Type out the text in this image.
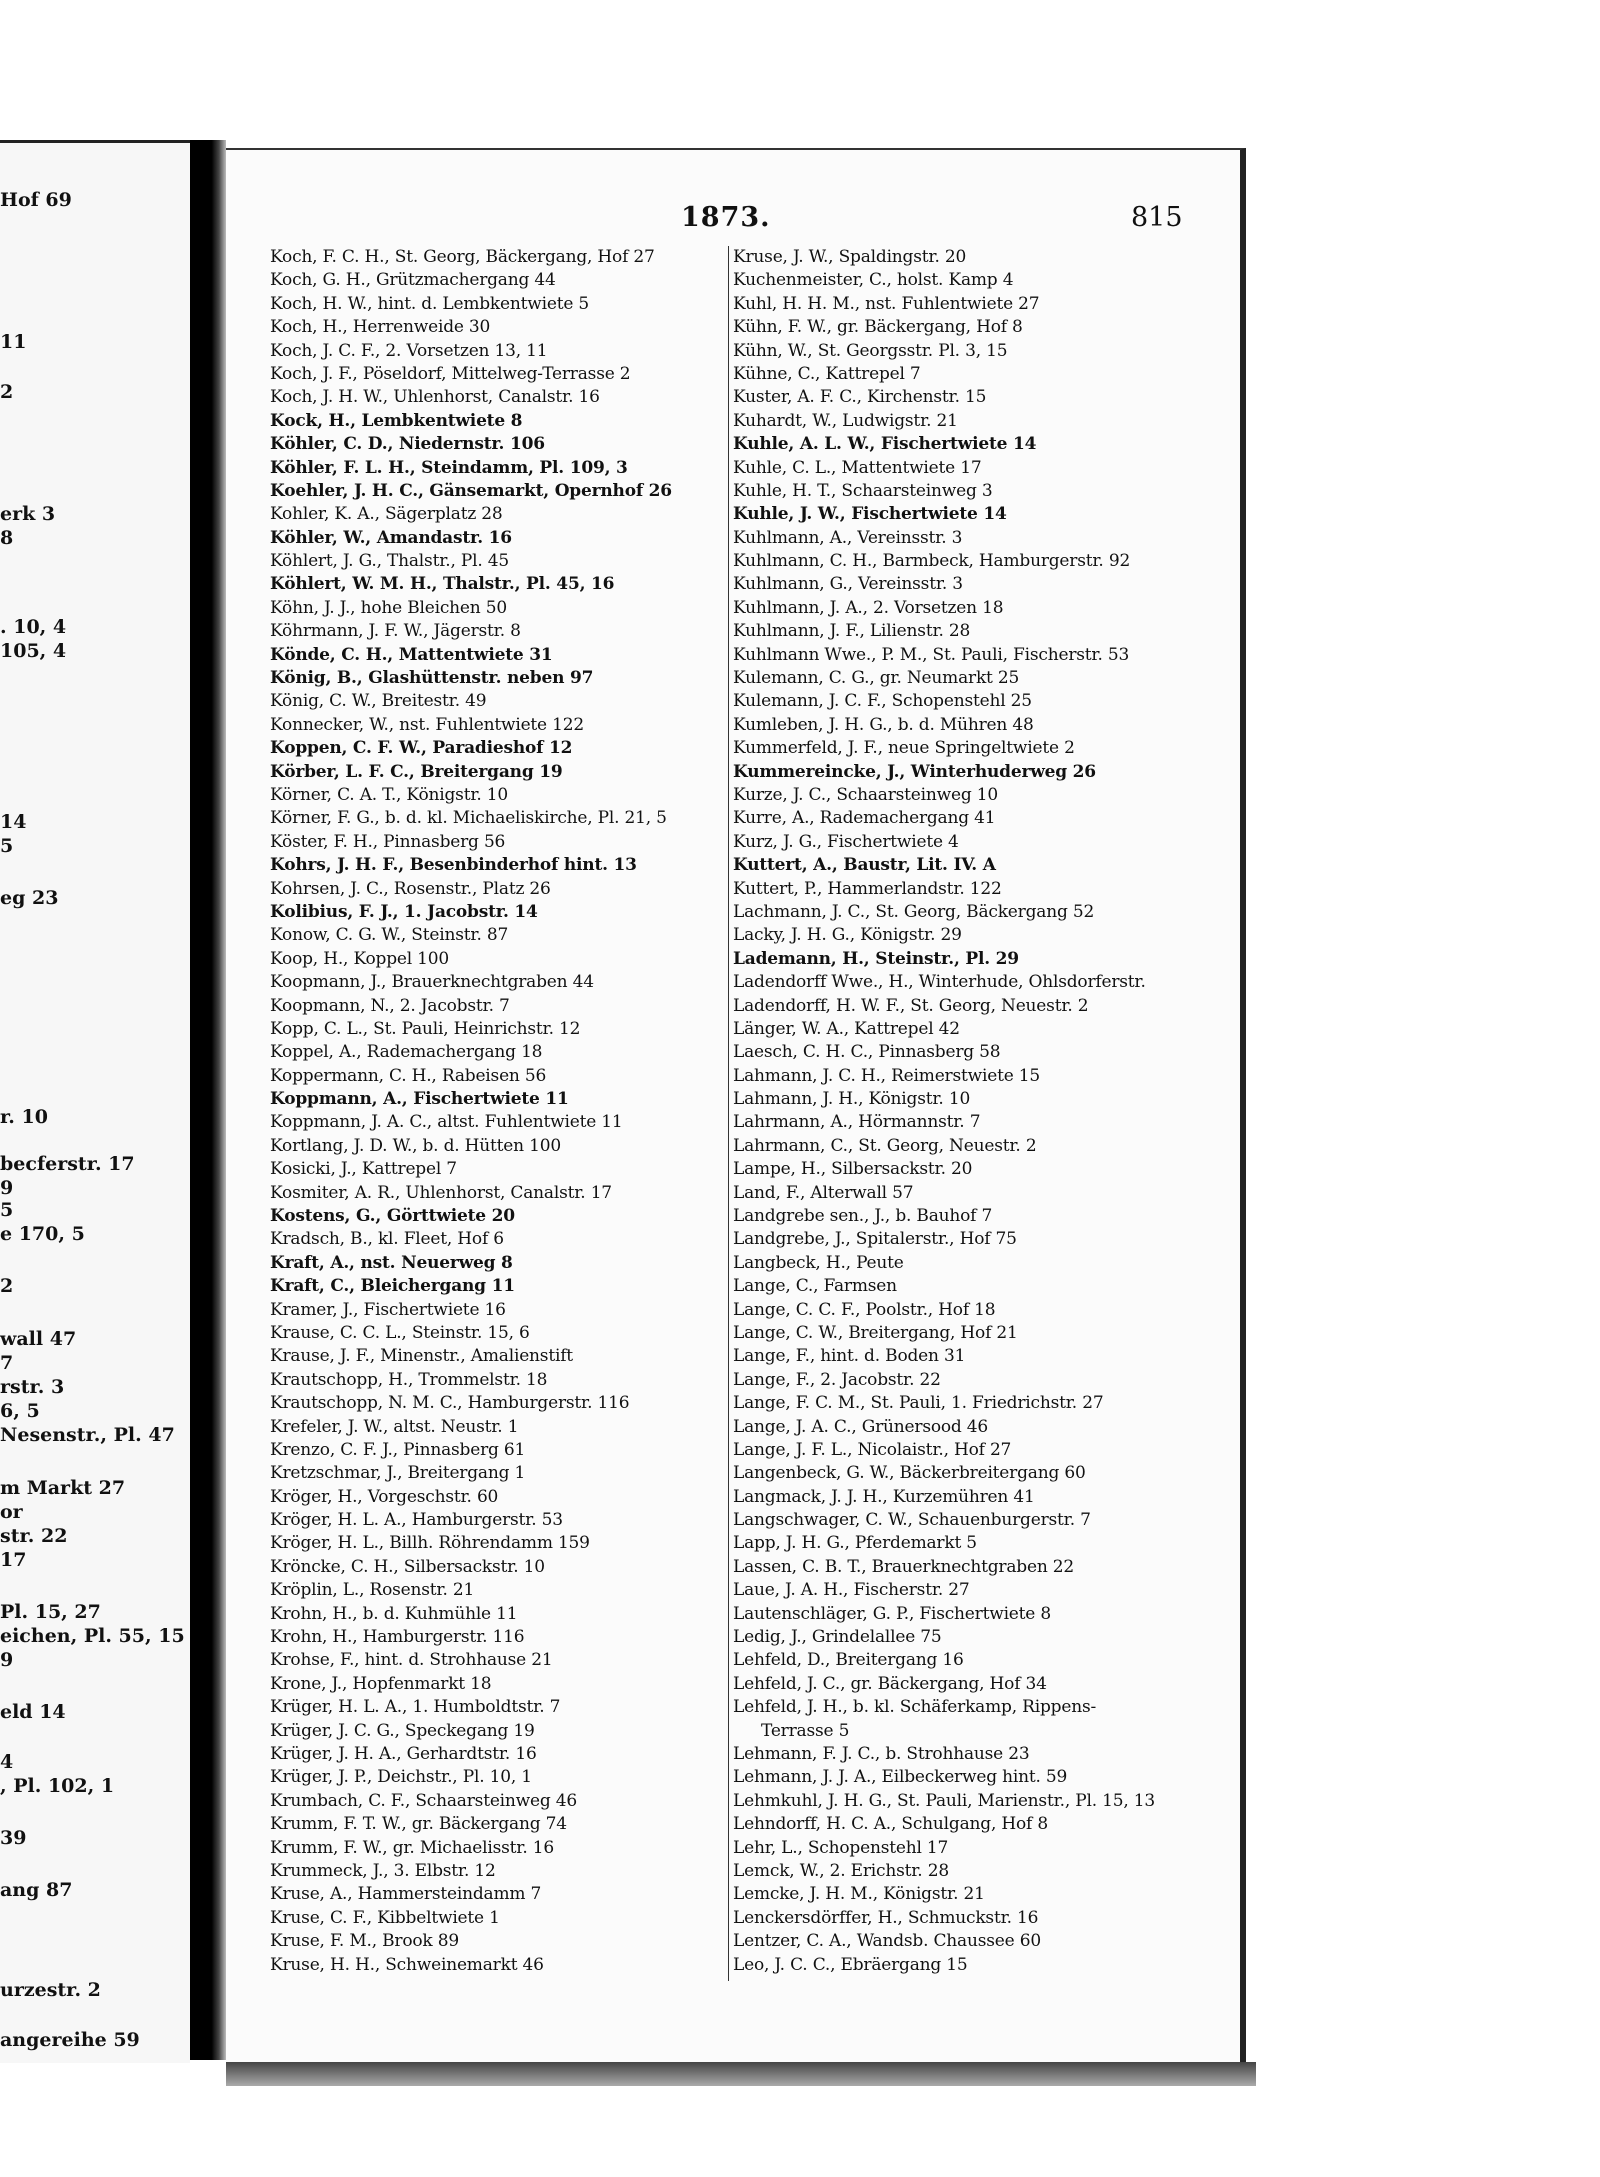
Hof 69
11
2
erk 3
8
. 10, 4
105, 4
14
5
eg 23
r. 10
becferstr. 17
9
5
e 170, 5
2
wall 47
7
rstr. 3
6, 5
Nesenstr., Pl. 47
m Markt 27
or
str. 22
17
Pl. 15, 27
eichen, Pl. 55, 15
9
eld 14
4
, Pl. 102, 1
39
ang 87
urzestr. 2
angereihe 59
1873.	815
Koch, F. C. H., St. Georg, Bäckergang, Hof 27
Koch, G. H., Grützmachergang 44
Koch, H. W., hint. d. Lembkentwiete 5
Koch, H., Herrenweide 30
Koch, J. C. F., 2. Vorsetzen 13, 11
Koch, J. F., Pöseldorf, Mittelweg-Terrasse 2
Koch, J. H. W., Uhlenhorst, Canalstr. 16
Kock, H., Lembkentwiete 8
Köhler, C. D., Niedernstr. 106
Köhler, F. L. H., Steindamm, Pl. 109, 3
Koehler, J. H. C., Gänsemarkt, Opernhof 26
Kohler, K. A., Sägerplatz 28
Köhler, W., Amandastr. 16
Köhlert, J. G., Thalstr., Pl. 45
Köhlert, W. M. H., Thalstr., Pl. 45, 16
Köhn, J. J., hohe Bleichen 50
Köhrmann, J. F. W., Jägerstr. 8
Könde, C. H., Mattentwiete 31
König, B., Glashüttenstr. neben 97
König, C. W., Breitestr. 49
Konnecker, W., nst. Fuhlentwiete 122
Koppen, C. F. W., Paradieshof 12
Körber, L. F. C., Breitergang 19
Körner, C. A. T., Königstr. 10
Körner, F. G., b. d. kl. Michaeliskirche, Pl. 21, 5
Köster, F. H., Pinnasberg 56
Kohrs, J. H. F., Besenbinderhof hint. 13
Kohrsen, J. C., Rosenstr., Platz 26
Kolibius, F. J., 1. Jacobstr. 14
Konow, C. G. W., Steinstr. 87
Koop, H., Koppel 100
Koopmann, J., Brauerknechtgraben 44
Koopmann, N., 2. Jacobstr. 7
Kopp, C. L., St. Pauli, Heinrichstr. 12
Koppel, A., Rademachergang 18
Koppermann, C. H., Rabeisen 56
Koppmann, A., Fischertwiete 11
Koppmann, J. A. C., altst. Fuhlentwiete 11
Kortlang, J. D. W., b. d. Hütten 100
Kosicki, J., Kattrepel 7
Kosmiter, A. R., Uhlenhorst, Canalstr. 17
Kostens, G., Görttwiete 20
Kradsch, B., kl. Fleet, Hof 6
Kraft, A., nst. Neuerweg 8
Kraft, C., Bleichergang 11
Kramer, J., Fischertwiete 16
Krause, C. C. L., Steinstr. 15, 6
Krause, J. F., Minenstr., Amalienstift
Krautschopp, H., Trommelstr. 18
Krautschopp, N. M. C., Hamburgerstr. 116
Krefeler, J. W., altst. Neustr. 1
Krenzo, C. F. J., Pinnasberg 61
Kretzschmar, J., Breitergang 1
Kröger, H., Vorgeschstr. 60
Kröger, H. L. A., Hamburgerstr. 53
Kröger, H. L., Billh. Röhrendamm 159
Kröncke, C. H., Silbersackstr. 10
Kröplin, L., Rosenstr. 21
Krohn, H., b. d. Kuhmühle 11
Krohn, H., Hamburgerstr. 116
Krohse, F., hint. d. Strohhause 21
Krone, J., Hopfenmarkt 18
Krüger, H. L. A., 1. Humboldtstr. 7
Krüger, J. C. G., Speckegang 19
Krüger, J. H. A., Gerhardtstr. 16
Krüger, J. P., Deichstr., Pl. 10, 1
Krumbach, C. F., Schaarsteinweg 46
Krumm, F. T. W., gr. Bäckergang 74
Krumm, F. W., gr. Michaelisstr. 16
Krummeck, J., 3. Elbstr. 12
Kruse, A., Hammersteindamm 7
Kruse, C. F., Kibbeltwiete 1
Kruse, F. M., Brook 89
Kruse, H. H., Schweinemarkt 46
Kruse, J. W., Spaldingstr. 20
Kuchenmeister, C., holst. Kamp 4
Kuhl, H. H. M., nst. Fuhlentwiete 27
Kühn, F. W., gr. Bäckergang, Hof 8
Kühn, W., St. Georgsstr. Pl. 3, 15
Kühne, C., Kattrepel 7
Kuster, A. F. C., Kirchenstr. 15
Kuhardt, W., Ludwigstr. 21
Kuhle, A. L. W., Fischertwiete 14
Kuhle, C. L., Mattentwiete 17
Kuhle, H. T., Schaarsteinweg 3
Kuhle, J. W., Fischertwiete 14
Kuhlmann, A., Vereinsstr. 3
Kuhlmann, C. H., Barmbeck, Hamburgerstr. 92
Kuhlmann, G., Vereinsstr. 3
Kuhlmann, J. A., 2. Vorsetzen 18
Kuhlmann, J. F., Lilienstr. 28
Kuhlmann Wwe., P. M., St. Pauli, Fischerstr. 53
Kulemann, C. G., gr. Neumarkt 25
Kulemann, J. C. F., Schopenstehl 25
Kumleben, J. H. G., b. d. Mühren 48
Kummerfeld, J. F., neue Springeltwiete 2
Kummereincke, J., Winterhuderweg 26
Kurze, J. C., Schaarsteinweg 10
Kurre, A., Rademachergang 41
Kurz, J. G., Fischertwiete 4
Kuttert, A., Baustr, Lit. IV. A
Kuttert, P., Hammerlandstr. 122
Lachmann, J. C., St. Georg, Bäckergang 52
Lacky, J. H. G., Königstr. 29
Lademann, H., Steinstr., Pl. 29
Ladendorff Wwe., H., Winterhude, Ohlsdorferstr.
Ladendorff, H. W. F., St. Georg, Neuestr. 2
Länger, W. A., Kattrepel 42
Laesch, C. H. C., Pinnasberg 58
Lahmann, J. C. H., Reimerstwiete 15
Lahmann, J. H., Königstr. 10
Lahrmann, A., Hörmannstr. 7
Lahrmann, C., St. Georg, Neuestr. 2
Lampe, H., Silbersackstr. 20
Land, F., Alterwall 57
Landgrebe sen., J., b. Bauhof 7
Landgrebe, J., Spitalerstr., Hof 75
Langbeck, H., Peute
Lange, C., Farmsen
Lange, C. C. F., Poolstr., Hof 18
Lange, C. W., Breitergang, Hof 21
Lange, F., hint. d. Boden 31
Lange, F., 2. Jacobstr. 22
Lange, F. C. M., St. Pauli, 1. Friedrichstr. 27
Lange, J. A. C., Grünersood 46
Lange, J. F. L., Nicolaistr., Hof 27
Langenbeck, G. W., Bäckerbreitergang 60
Langmack, J. J. H., Kurzemühren 41
Langschwager, C. W., Schauenburgerstr. 7
Lapp, J. H. G., Pferdemarkt 5
Lassen, C. B. T., Brauerknechtgraben 22
Laue, J. A. H., Fischerstr. 27
Lautenschläger, G. P., Fischertwiete 8
Ledig, J., Grindelallee 75
Lehfeld, D., Breitergang 16
Lehfeld, J. C., gr. Bäckergang, Hof 34
Lehfeld, J. H., b. kl. Schäferkamp, Rippens-
Terrasse 5
Lehmann, F. J. C., b. Strohhause 23
Lehmann, J. J. A., Eilbeckerweg hint. 59
Lehmkuhl, J. H. G., St. Pauli, Marienstr., Pl. 15, 13
Lehndorff, H. C. A., Schulgang, Hof 8
Lehr, L., Schopenstehl 17
Lemck, W., 2. Erichstr. 28
Lemcke, J. H. M., Königstr. 21
Lenckersdörffer, H., Schmuckstr. 16
Lentzer, C. A., Wandsb. Chaussee 60
Leo, J. C. C., Ebräergang 15
